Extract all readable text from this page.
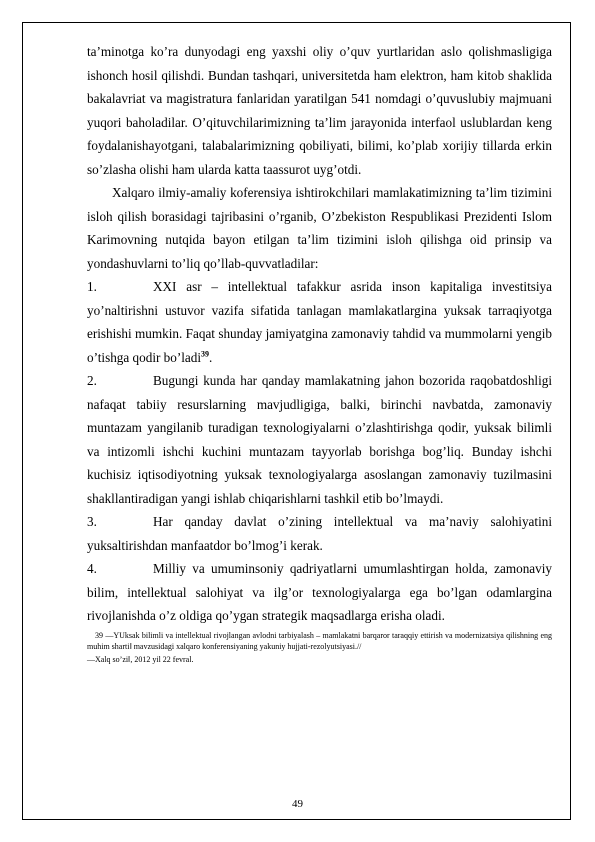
ta’minotga ko’ra dunyodagi eng yaxshi oliy o’quv yurtlaridan aslo qolishmasligiga ishonch hosil qilishdi. Bundan tashqari, universitetda ham elektron, ham kitob shaklida bakalavriat va magistratura fanlaridan yaratilgan 541 nomdagi o’quvuslubiy majmuani yuqori baholadilar. O’qituvchilarimizning ta’lim jarayonida interfaol uslublardan keng foydalanishayotgani, talabalarimizning qobiliyati, bilimi, ko’plab xorijiy tillarda erkin so’zlasha olishi ham ularda katta taassurot uyg’otdi.

Xalqaro ilmiy-amaliy koferensiya ishtirokchilari mamlakatimizning ta’lim tizimini isloh qilish borasidagi tajribasini o’rganib, O’zbekiston Respublikasi Prezidenti Islom Karimovning nutqida bayon etilgan ta’lim tizimini isloh qilishga oid prinsip va yondashuvlarni to’liq qo’llab-quvvatladilar:

1.	XXI asr – intellektual tafakkur asrida inson kapitaliga investitsiya yo’naltirishni ustuvor vazifa sifatida tanlagan mamlakatlargina yuksak tarraqiyotga erishishi mumkin. Faqat shunday jamiyatgina zamonaviy tahdid va mummolarni yengib o’tishga qodir bo’ladi$^{39}$.

2.	Bugungi kunda har qanday mamlakatning jahon bozorida raqobatdoshligi nafaqat tabiiy resurslarning mavjudligiga, balki, birinchi navbatda, zamonaviy muntazam yangilanib turadigan texnologiyalarni o’zlashtirishga qodir, yuksak bilimli va intizomli ishchi kuchini muntazam tayyorlab borishga bog’liq. Bunday ishchi kuchisiz iqtisodiyotning yuksak texnologiyalarga asoslangan zamonaviy tuzilmasini shakllantiradigan yangi ishlab chiqarishlarni tashkil etib bo’lmaydi.

3.	Har qanday davlat o’zining intellektual va ma’naviy salohiyatini yuksaltirishdan manfaatdor bo’lmog’i kerak.

4.	Milliy va umuminsoniy qadriyatlarni umumlashtirgan holda, zamonaviy bilim, intellektual salohiyat va ilg’or texnologiyalarga ega bo’lgan odamlargina rivojlanishda o’z oldiga qo’ygan strategik maqsadlarga erisha oladi.

39 ―YUksak bilimli va intellektual rivojlangan avlodni tarbiyalash – mamlakatni barqaror taraqqiy ettirish va modernizatsiya qilishning eng muhim sharti‖ mavzusidagi xalqaro konferensiyaning yakuniy hujjati-rezolyutsiyasi.//

―Xalq so’zi‖, 2012 yil 22 fevral.

49
